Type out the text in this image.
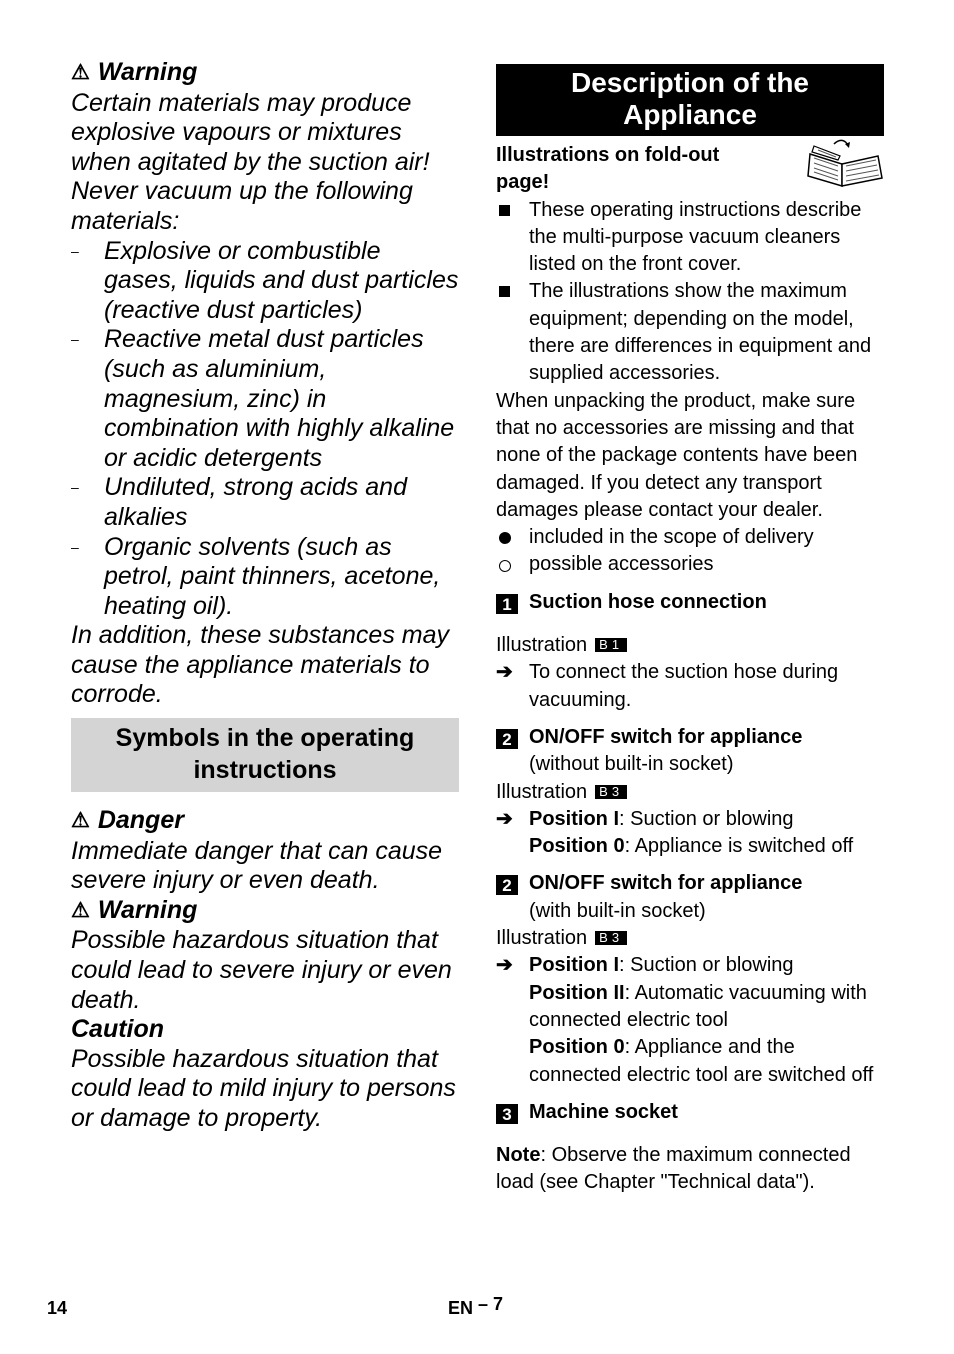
⚠ Warning

Certain materials may produce explosive vapours or mixtures when agitated by the suction air! Never vacuum up the following materials:

– Explosive or combustible gases, liquids and dust particles (reactive dust particles)
– Reactive metal dust particles (such as aluminium, magnesium, zinc) in combination with highly alkaline or acidic detergents
– Undiluted, strong acids and alkalies
– Organic solvents (such as petrol, paint thinners, acetone, heating oil).

In addition, these substances may cause the appliance materials to corrode.

Symbols in the operating instructions

⚠ Danger

Immediate danger that can cause severe injury or even death.

⚠ Warning

Possible hazardous situation that could lead to severe injury or even death.

Caution

Possible hazardous situation that could lead to mild injury to persons or damage to property.

Description of the Appliance

Illustrations on fold-out page!

These operating instructions describe the multi-purpose vacuum cleaners listed on the front cover.
The illustrations show the maximum equipment; depending on the model, there are differences in equipment and supplied accessories.

When unpacking the product, make sure that no accessories are missing and that none of the package contents have been damaged. If you detect any transport damages please contact your dealer.

included in the scope of delivery
possible accessories
1 Suction hose connection

Illustration B1

➔ To connect the suction hose during vacuuming.
2 ON/OFF switch for appliance
(without built-in socket)

Illustration B3

➔ Position I: Suction or blowing
Position 0: Appliance is switched off
2 ON/OFF switch for appliance
(with built-in socket)

Illustration B3

➔ Position I: Suction or blowing
Position II: Automatic vacuuming with connected electric tool
Position 0: Appliance and the connected electric tool are switched off
3 Machine socket

Note: Observe the maximum connected load (see Chapter "Technical data").

14	EN – 7
